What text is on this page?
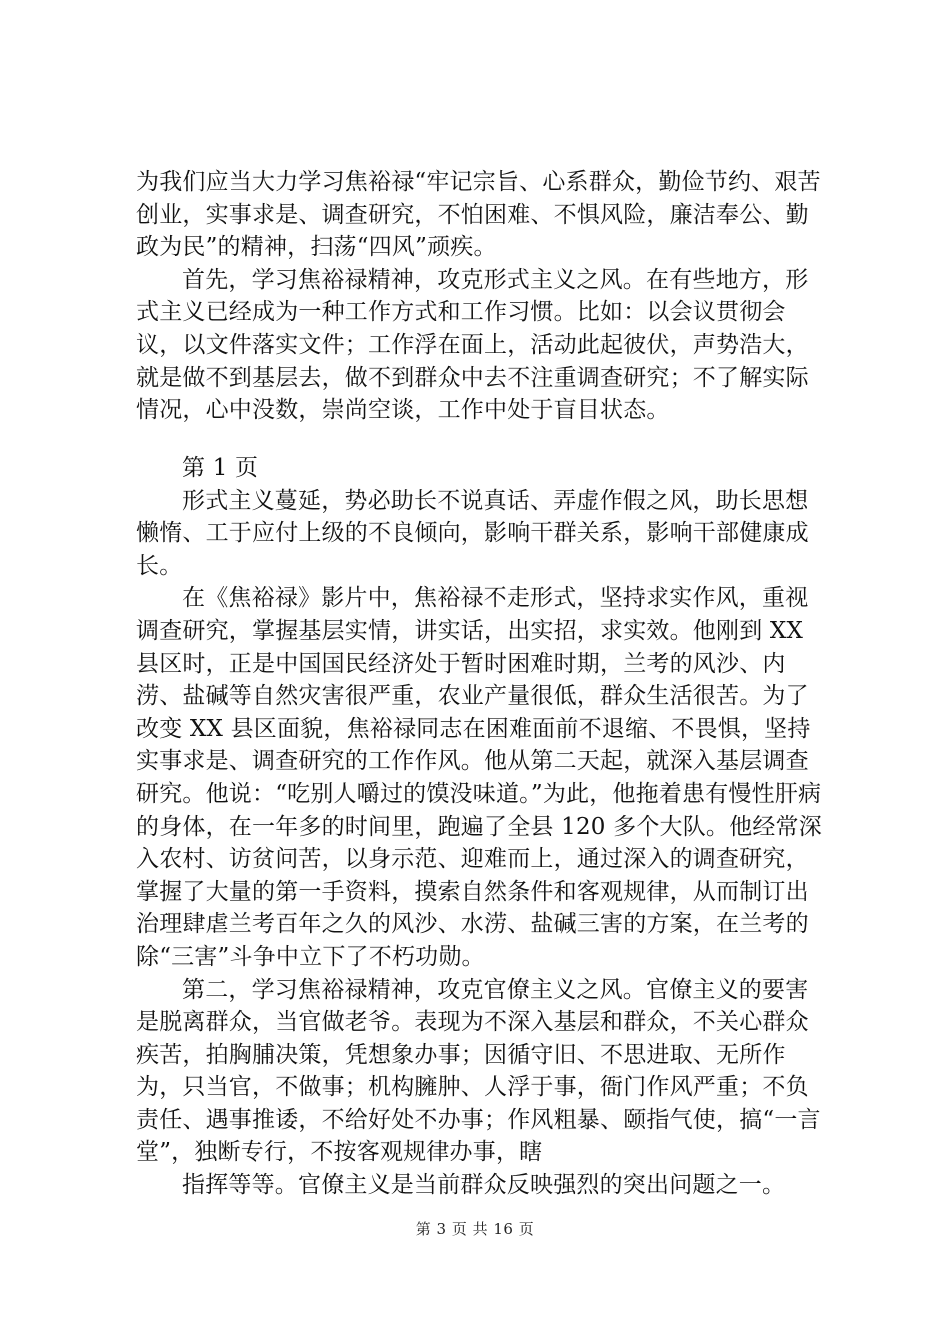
为我们应当大力学习焦裕禄“牢记宗旨、心系群众，勤俭节约、艰苦创业，实事求是、调查研究，不怕困难、不惧风险，廉洁奉公、勤政为民”的精神，扫荡“四风”顽疾。

首先，学习焦裕禄精神，攻克形式主义之风。在有些地方，形式主义已经成为一种工作方式和工作习惯。比如：以会议贯彻会议，以文件落实文件；工作浮在面上，活动此起彼伏，声势浩大，就是做不到基层去，做不到群众中去不注重调查研究；不了解实际情况，心中没数，崇尚空谈，工作中处于盲目状态。

第 1 页

形式主义蔓延，势必助长不说真话、弄虚作假之风，助长思想懒惰、工于应付上级的不良倾向，影响干群关系，影响干部健康成长。

在《焦裕禄》影片中，焦裕禄不走形式，坚持求实作风，重视调查研究，掌握基层实情，讲实话，出实招，求实效。他刚到 XX 县区时，正是中国国民经济处于暂时困难时期，兰考的风沙、内涝、盐碱等自然灾害很严重，农业产量很低，群众生活很苦。为了改变 XX 县区面貌，焦裕禄同志在困难面前不退缩、不畏惧，坚持实事求是、调查研究的工作作风。他从第二天起，就深入基层调查研究。他说：“吃别人嚼过的馍没味道。”为此，他拖着患有慢性肝病的身体，在一年多的时间里，跑遍了全县 120 多个大队。他经常深入农村、访贫问苦，以身示范、迎难而上，通过深入的调查研究，掌握了大量的第一手资料，摸索自然条件和客观规律，从而制订出治理肆虐兰考百年之久的风沙、水涝、盐碱三害的方案，在兰考的除“三害”斗争中立下了不朽功勋。

第二，学习焦裕禄精神，攻克官僚主义之风。官僚主义的要害是脱离群众，当官做老爷。表现为不深入基层和群众，不关心群众疾苦，拍胸脯决策，凭想象办事；因循守旧、不思进取、无所作为，只当官，不做事；机构臃肿、人浮于事，衙门作风严重；不负责任、遇事推诿，不给好处不办事；作风粗暴、颐指气使，搞“一言堂”，独断专行，不按客观规律办事，瞎

指挥等等。官僚主义是当前群众反映强烈的突出问题之一。

第 3 页 共 16 页
